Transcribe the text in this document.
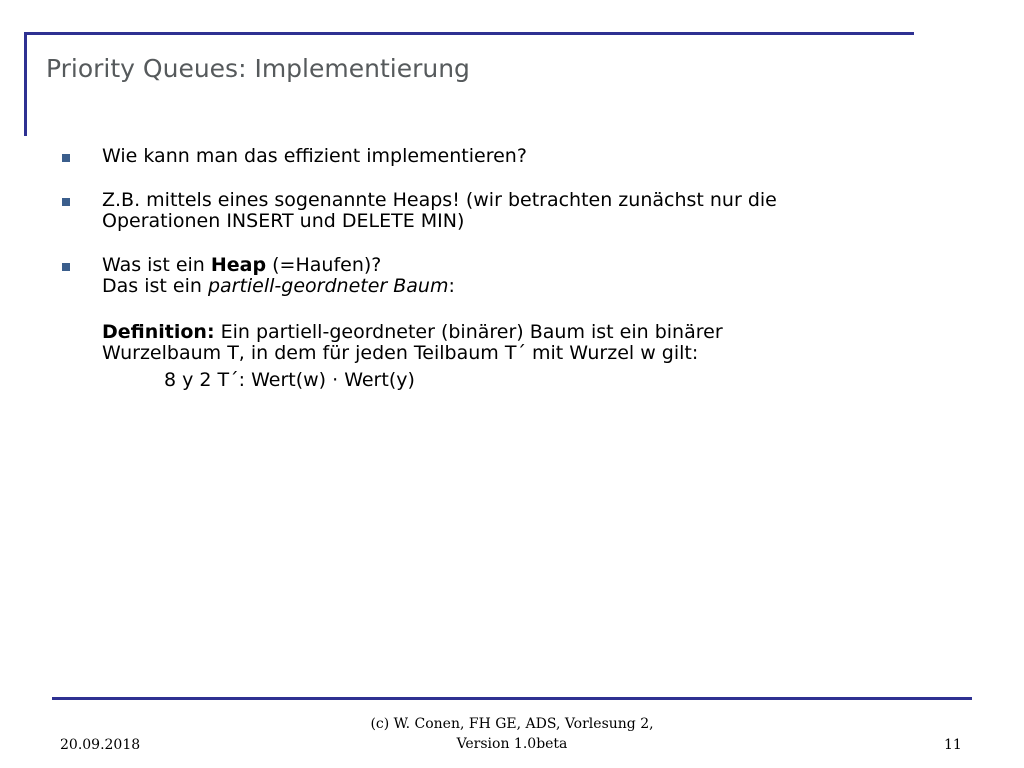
Priority Queues: Implementierung
Wie kann man das effizient implementieren?
Z.B. mittels eines sogenannte Heaps! (wir betrachten zunächst nur die
Operationen INSERT und DELETE MIN)
Was ist ein Heap (=Haufen)?
Das ist ein partiell-geordneter Baum:
Definition: Ein partiell-geordneter (binärer) Baum ist ein binärer
Wurzelbaum T, in dem für jeden Teilbaum T´ mit Wurzel w gilt:
8 y 2 T´: Wert(w) · Wert(y)
20.09.2018
(c) W. Conen, FH GE, ADS, Vorlesung 2,
Version 1.0beta	11
